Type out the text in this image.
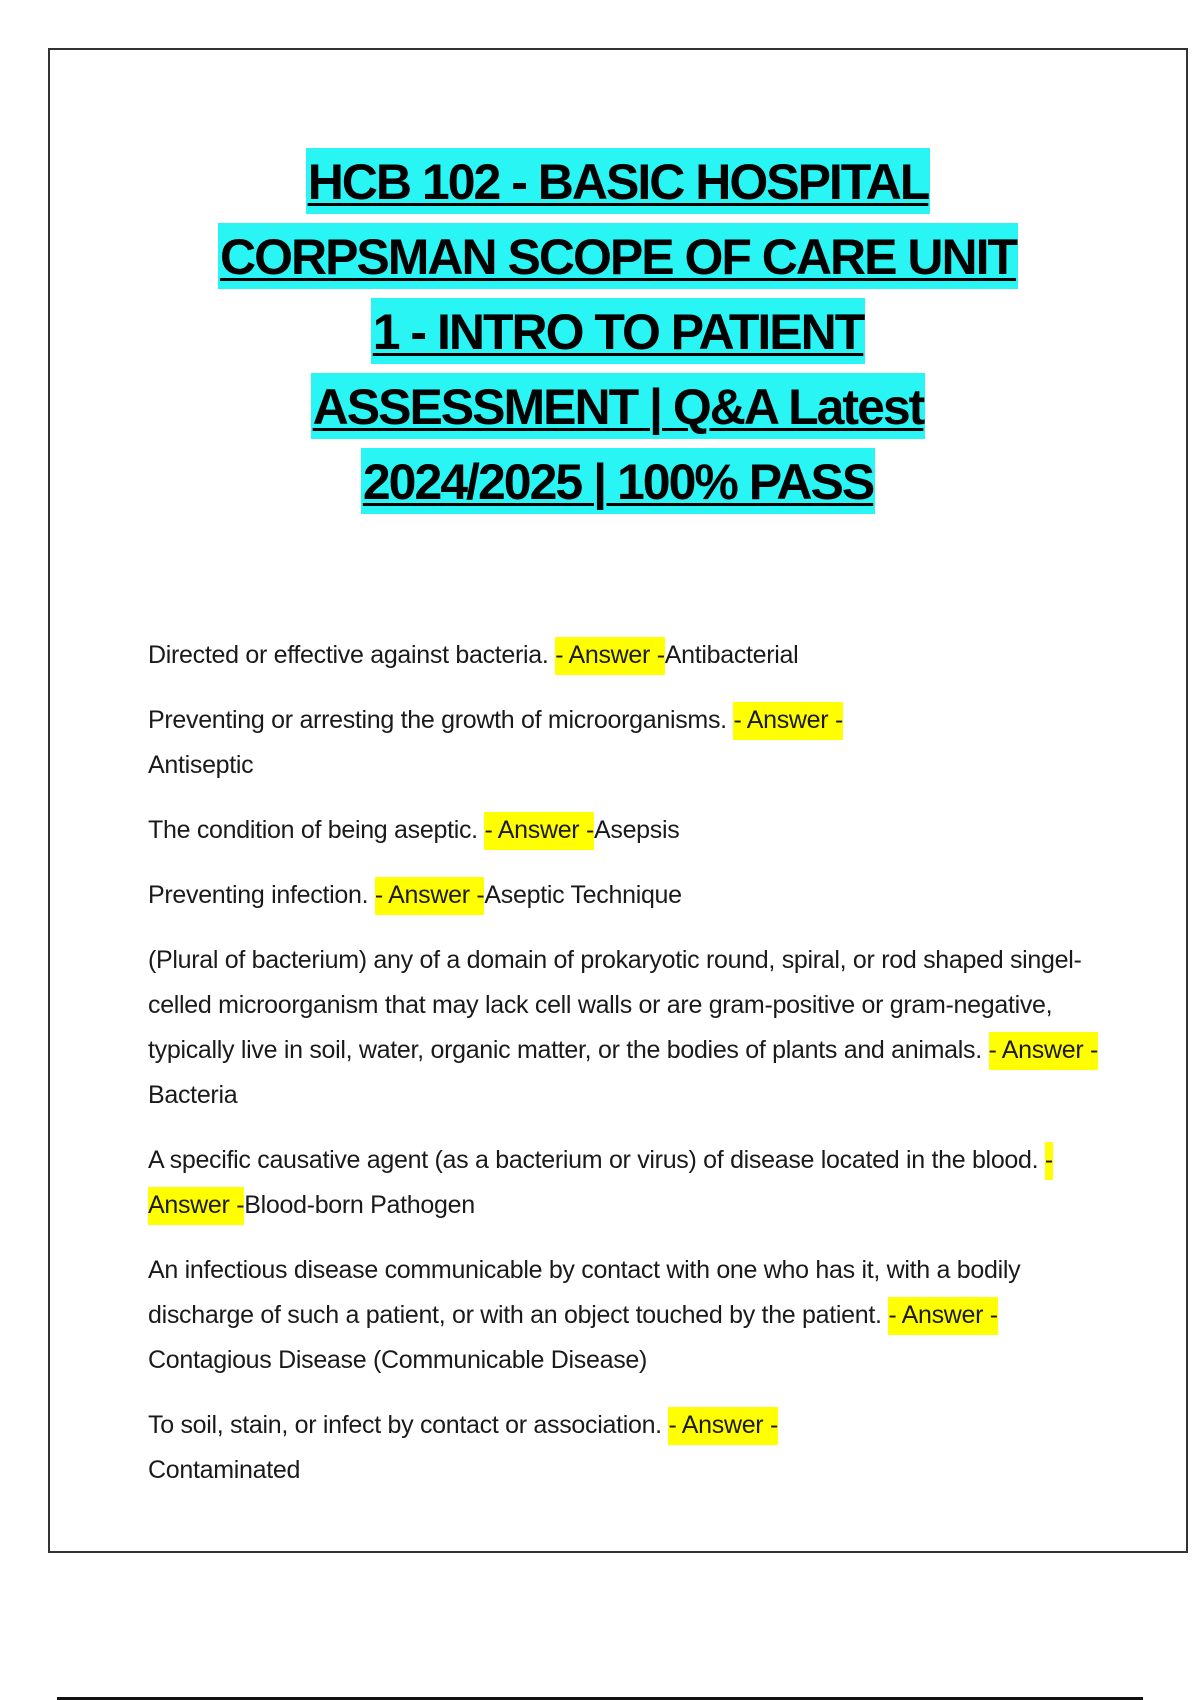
HCB 102 - BASIC HOSPITAL
CORPSMAN SCOPE OF CARE UNIT
1 - INTRO TO PATIENT
ASSESSMENT | Q&A Latest
2024/2025 | 100% PASS

Directed or effective against bacteria. - Answer -Antibacterial

Preventing or arresting the growth of microorganisms. - Answer -Antiseptic

The condition of being aseptic. - Answer -Asepsis

Preventing infection. - Answer -Aseptic Technique

(Plural of bacterium) any of a domain of prokaryotic round, spiral, or rod shaped singel-celled microorganism that may lack cell walls or are gram-positive or gram-negative, typically live in soil, water, organic matter, or the bodies of plants and animals. - Answer -Bacteria

A specific causative agent (as a bacterium or virus) of disease located in the blood. - Answer -Blood-born Pathogen

An infectious disease communicable by contact with one who has it, with a bodily discharge of such a patient, or with an object touched by the patient. - Answer -Contagious Disease (Communicable Disease)

To soil, stain, or infect by contact or association. - Answer -Contaminated
